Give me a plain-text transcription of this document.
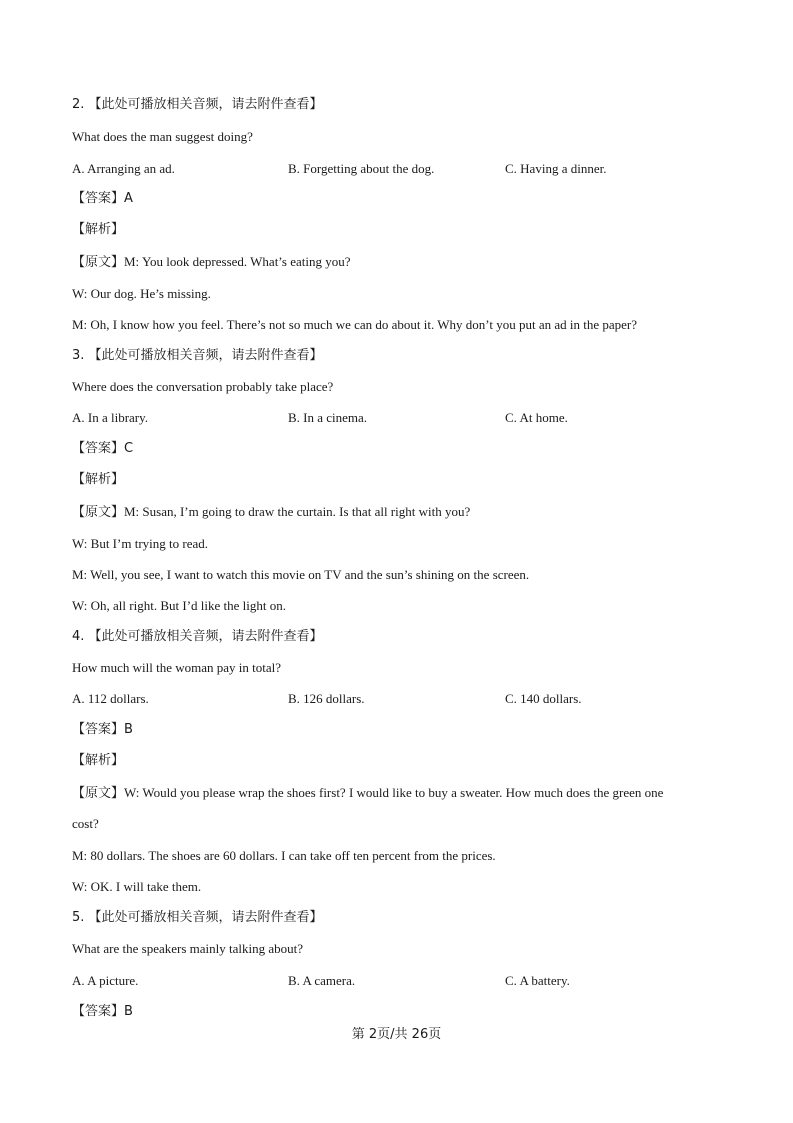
2. 【此处可播放相关音频，请去附件查看】
What does the man suggest doing?
A. Arranging an ad.	B. Forgetting about the dog.	C. Having a dinner.
【答案】A
【解析】
【原文】M: You look depressed. What’s eating you?
W: Our dog. He’s missing.
M: Oh, I know how you feel. There’s not so much we can do about it. Why don’t you put an ad in the paper?
3. 【此处可播放相关音频，请去附件查看】
Where does the conversation probably take place?
A. In a library.	B. In a cinema.	C. At home.
【答案】C
【解析】
【原文】M: Susan, I’m going to draw the curtain. Is that all right with you?
W: But I’m trying to read.
M: Well, you see, I want to watch this movie on TV and the sun’s shining on the screen.
W: Oh, all right. But I’d like the light on.
4. 【此处可播放相关音频，请去附件查看】
How much will the woman pay in total?
A. 112 dollars.	B. 126 dollars.	C. 140 dollars.
【答案】B
【解析】
【原文】W: Would you please wrap the shoes first? I would like to buy a sweater. How much does the green one
cost?
M: 80 dollars. The shoes are 60 dollars. I can take off ten percent from the prices.
W: OK. I will take them.
5. 【此处可播放相关音频，请去附件查看】
What are the speakers mainly talking about?
A. A picture.	B. A camera.	C. A battery.
【答案】B
第 2页/共 26页
